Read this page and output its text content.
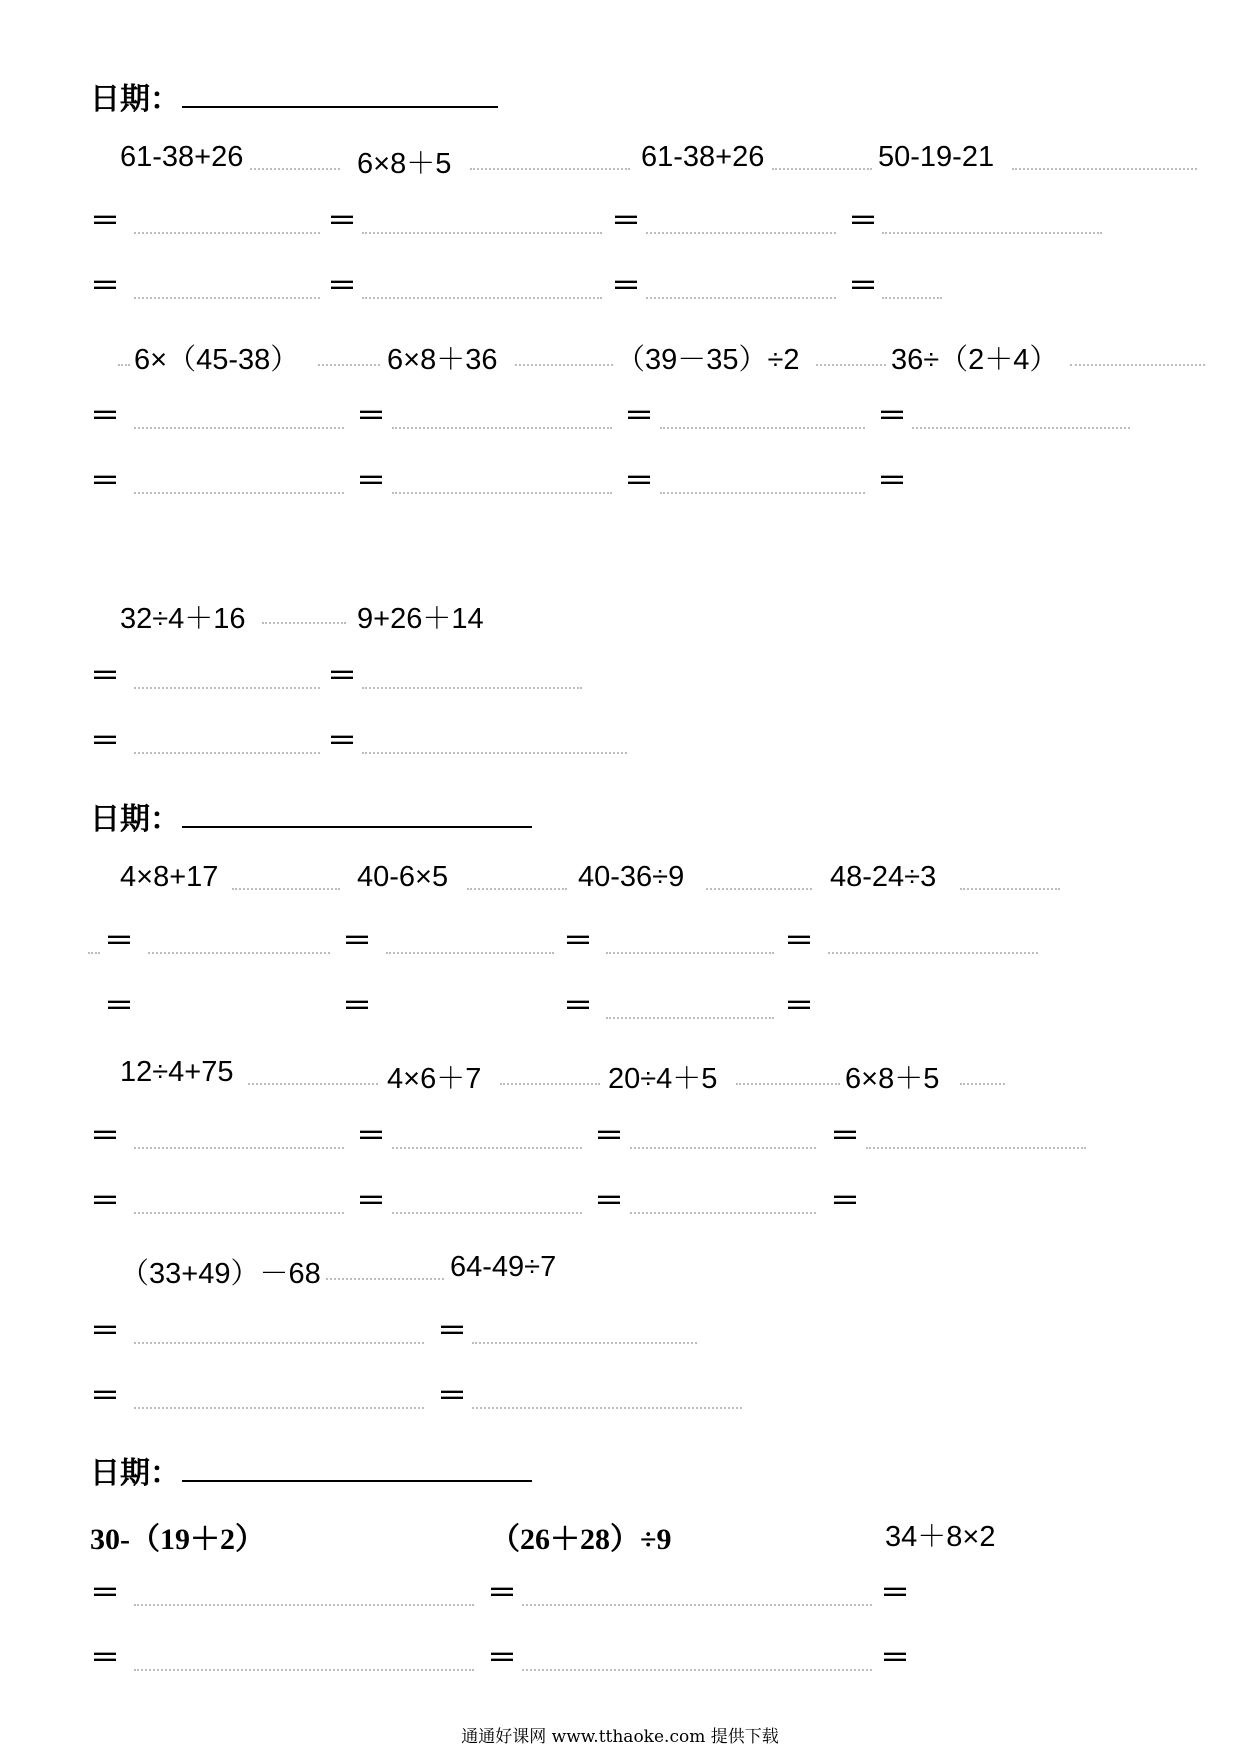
日期：
61-38+26	6×8＋5	61-38+26	50-19-21
＝	＝	＝	＝
＝	＝	＝	＝
6×（45-38）	6×8＋36	（39－35）÷2	36÷（2＋4）
＝	＝	＝	＝
＝	＝	＝	＝
32÷4＋16	9+26＋14
＝	＝
＝	＝
日期：
4×8+17	40-6×5	40-36÷9	48-24÷3
＝	＝	＝	＝
＝	＝	＝	＝
12÷4+75	4×6＋7	20÷4＋5	6×8＋5
＝	＝	＝	＝
＝	＝	＝	＝
（33+49）－68	64-49÷7
＝	＝
＝	＝
日期：
30-（19＋2）	（26＋28）÷9	34＋8×2
＝	＝	＝
＝	＝	＝
通通好课网 www.tthaoke.com 提供下载
